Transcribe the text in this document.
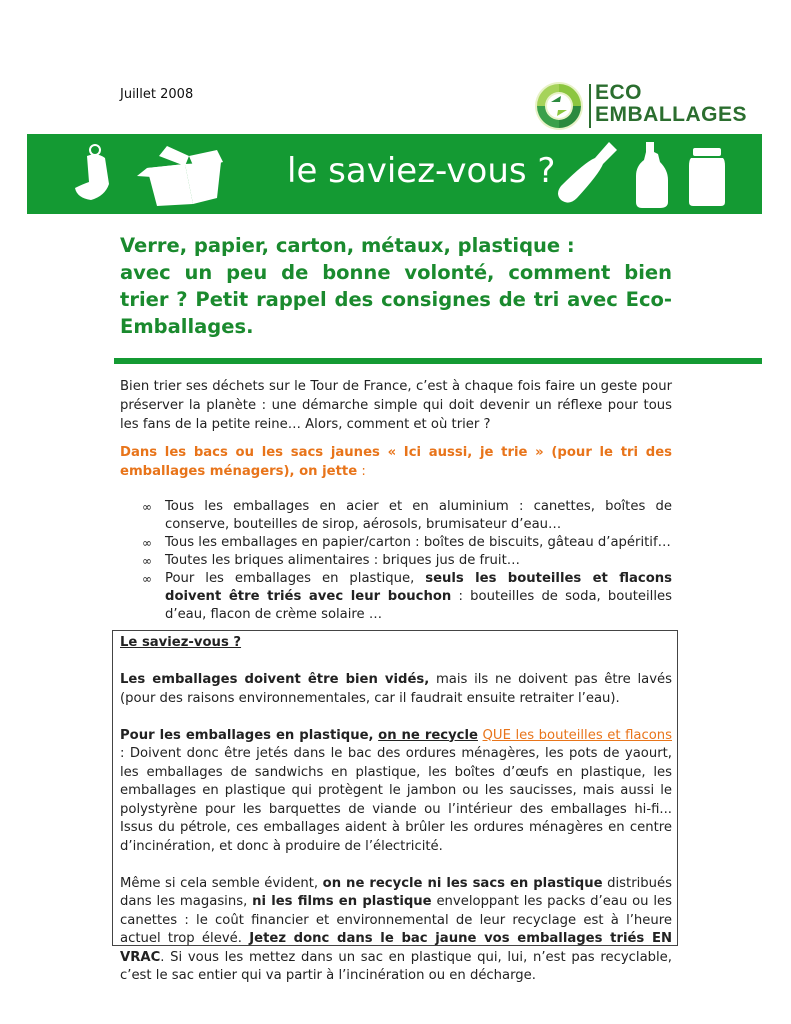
Juillet 2008	ECO
EMBALLAGES
le saviez-vous ?
Verre, papier, carton, métaux, plastique :
avec un peu de bonne volonté, comment bien trier ? Petit rappel des consignes de tri avec Eco-Emballages.
Bien trier ses déchets sur le Tour de France, c’est à chaque fois faire un geste pour préserver la planète : une démarche simple qui doit devenir un réflexe pour tous les fans de la petite reine… Alors, comment et où trier ?
Dans les bacs ou les sacs jaunes « Ici aussi, je trie » (pour le tri des emballages ménagers), on jette :
∞ Tous les emballages en acier et en aluminium : canettes, boîtes de conserve, bouteilles de sirop, aérosols, brumisateur d’eau…
∞ Tous les emballages en papier/carton : boîtes de biscuits, gâteau d’apéritif…
∞ Toutes les briques alimentaires : briques jus de fruit…
∞ Pour les emballages en plastique, seuls les bouteilles et flacons doivent être triés avec leur bouchon : bouteilles de soda, bouteilles d’eau, flacon de crème solaire …

Le saviez-vous ?

Les emballages doivent être bien vidés, mais ils ne doivent pas être lavés (pour des raisons environnementales, car il faudrait ensuite retraiter l’eau).

Pour les emballages en plastique, on ne recycle QUE les bouteilles et flacons : Doivent donc être jetés dans le bac des ordures ménagères, les pots de yaourt, les emballages de sandwichs en plastique, les boîtes d’œufs en plastique, les emballages en plastique qui protègent le jambon ou les saucisses, mais aussi le polystyrène pour les barquettes de viande ou l’intérieur des emballages hi-fi... Issus du pétrole, ces emballages aident à brûler les ordures ménagères en centre d’incinération, et donc à produire de l’électricité.

Même si cela semble évident, on ne recycle ni les sacs en plastique distribués dans les magasins, ni les films en plastique enveloppant les packs d’eau ou les canettes : le coût financier et environnemental de leur recyclage est à l’heure actuel trop élevé. Jetez donc dans le bac jaune vos emballages triés EN VRAC. Si vous les mettez dans un sac en plastique qui, lui, n’est pas recyclable, c’est le sac entier qui va partir à l’incinération ou en décharge.
